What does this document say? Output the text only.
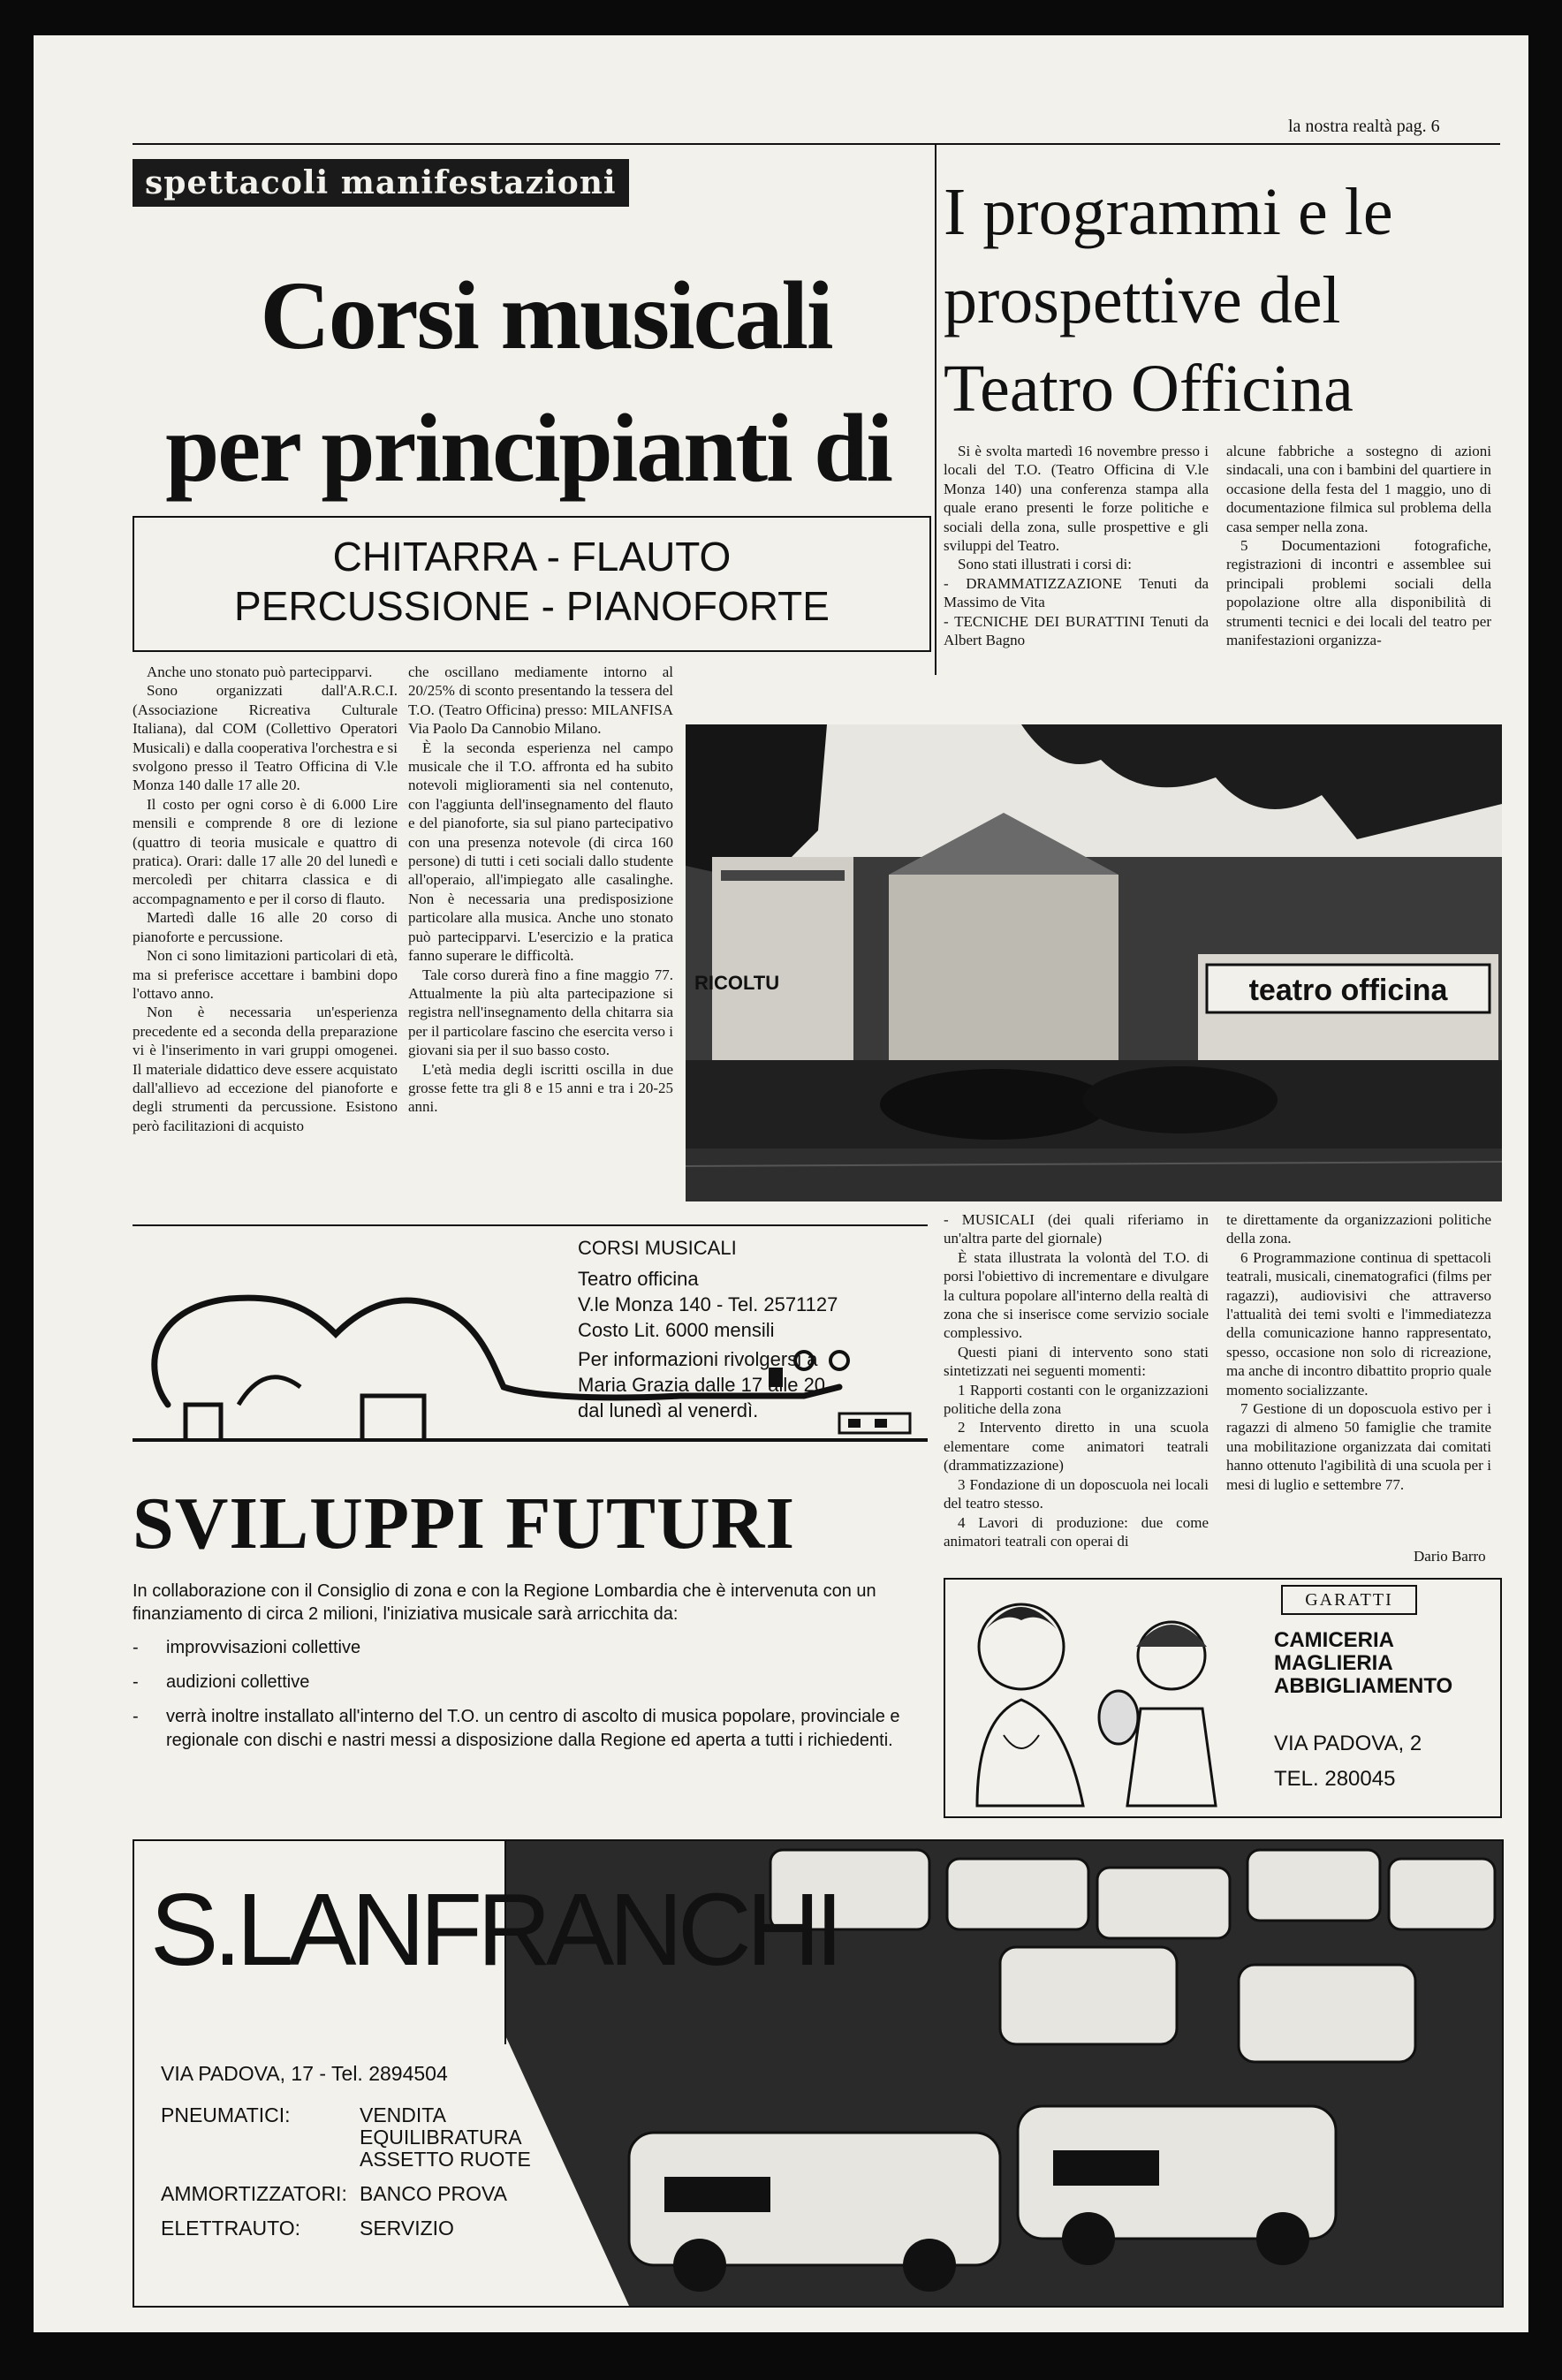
la nostra realtà pag. 6
spettacoli manifestazioni
Corsi musicali
per principianti di
CHITARRA - FLAUTO
PERCUSSIONE - PIANOFORTE
I programmi e le
prospettive del
Teatro Officina

Si è svolta martedì 16 novembre presso i locali del T.O. (Teatro Officina di V.le Monza 140) una conferenza stampa alla quale erano presenti le forze politiche e sociali della zona, sulle prospettive e gli sviluppi del Teatro.

Sono stati illustrati i corsi di:

- DRAMMATIZZAZIONE Tenuti da Massimo de Vita

- TECNICHE DEI BURATTINI Tenuti da Albert Bagno

alcune fabbriche a sostegno di azioni sindacali, una con i bambini del quartiere in occasione della festa del 1 maggio, uno di documentazione filmica sul problema della casa semper nella zona.

5 Documentazioni fotografiche, registrazioni di incontri e assemblee sui principali problemi sociali della popolazione oltre alla disponibilità di strumenti tecnici e dei locali del teatro per manifestazioni organizza-

Anche uno stonato può partecipparvi.

Sono organizzati dall'A.R.C.I. (Associazione Ricreativa Culturale Italiana), dal COM (Collettivo Operatori Musicali) e dalla cooperativa l'orchestra e si svolgono presso il Teatro Officina di V.le Monza 140 dalle 17 alle 20.

Il costo per ogni corso è di 6.000 Lire mensili e comprende 8 ore di lezione (quattro di teoria musicale e quattro di pratica). Orari: dalle 17 alle 20 del lunedì e mercoledì per chitarra classica e di accompagnamento e per il corso di flauto.

Martedì dalle 16 alle 20 corso di pianoforte e percussione.

Non ci sono limitazioni particolari di età, ma si preferisce accettare i bambini dopo l'ottavo anno.

Non è necessaria un'esperienza precedente ed a seconda della preparazione vi è l'inserimento in vari gruppi omogenei. Il materiale didattico deve essere acquistato dall'allievo ad eccezione del pianoforte e degli strumenti da percussione. Esistono però facilitazioni di acquisto

che oscillano mediamente intorno al 20/25% di sconto presentando la tessera del T.O. (Teatro Officina) presso: MILANFISA Via Paolo Da Cannobio Milano.

È la seconda esperienza nel campo musicale che il T.O. affronta ed ha subito notevoli miglioramenti sia nel contenuto, con l'aggiunta dell'insegnamento del flauto e del pianoforte, sia sul piano partecipativo con una presenza notevole (di circa 160 persone) di tutti i ceti sociali dallo studente all'operaio, all'impiegato alle casalinghe. Non è necessaria una predisposizione particolare alla musica. Anche uno stonato può partecipparvi. L'esercizio e la pratica fanno superare le difficoltà.

Tale corso durerà fino a fine maggio 77. Attualmente la più alta partecipazione si registra nell'insegnamento della chitarra sia per il particolare fascino che esercita verso i giovani sia per il suo basso costo.

L'età media degli iscritti oscilla in due grosse fette tra gli 8 e 15 anni e tra i 20-25 anni.

teatro officina
RICOLTU

- MUSICALI (dei quali riferiamo in un'altra parte del giornale)

È stata illustrata la volontà del T.O. di porsi l'obiettivo di incrementare e divulgare la cultura popolare all'interno della realtà di zona che si inserisce come servizio sociale complessivo.

Questi piani di intervento sono stati sintetizzati nei seguenti momenti:

1 Rapporti costanti con le organizzazioni politiche della zona

2 Intervento diretto in una scuola elementare come animatori teatrali (drammatizzazione)

3 Fondazione di un doposcuola nei locali del teatro stesso.

4 Lavori di produzione: due come animatori teatrali con operai di

te direttamente da organizzazioni politiche della zona.

6 Programmazione continua di spettacoli teatrali, musicali, cinematografici (films per ragazzi), audiovisivi che attraverso l'attualità dei temi svolti e l'immediatezza della comunicazione hanno rappresentato, spesso, occasione non solo di ricreazione, ma anche di incontro dibattito proprio quale momento socializzante.

7 Gestione di un doposcuola estivo per i ragazzi di almeno 50 famiglie che tramite una mobilitazione organizzata dai comitati hanno ottenuto l'agibilità di una scuola per i mesi di luglio e settembre 77.

Dario Barro
CORSI MUSICALI
Teatro officina
V.le Monza 140 - Tel. 2571127
Costo Lit. 6000 mensili
Per informazioni rivolgersi a
Maria Grazia dalle 17 alle 20
dal lunedì al venerdì.
SVILUPPI FUTURI
In collaborazione con il Consiglio di zona e con la Regione Lombardia che è intervenuta con un finanziamento di circa 2 milioni, l'iniziativa musicale sarà arricchita da:
-	improvvisazioni collettive
-	audizioni collettive
-	verrà inoltre installato all'interno del T.O. un centro di ascolto di musica popolare, provinciale e regionale con dischi e nastri messi a disposizione dalla Regione ed aperta a tutti i richiedenti.
GARATTI
CAMICERIA
MAGLIERIA
ABBIGLIAMENTO
VIA PADOVA, 2
TEL. 280045
S.LANFRANCHI
VIA PADOVA, 17 - Tel. 2894504
PNEUMATICI:	VENDITA
EQUILIBRATURA
ASSETTO RUOTE
AMMORTIZZATORI: BANCO PROVA
ELETTRAUTO:	SERVIZIO
